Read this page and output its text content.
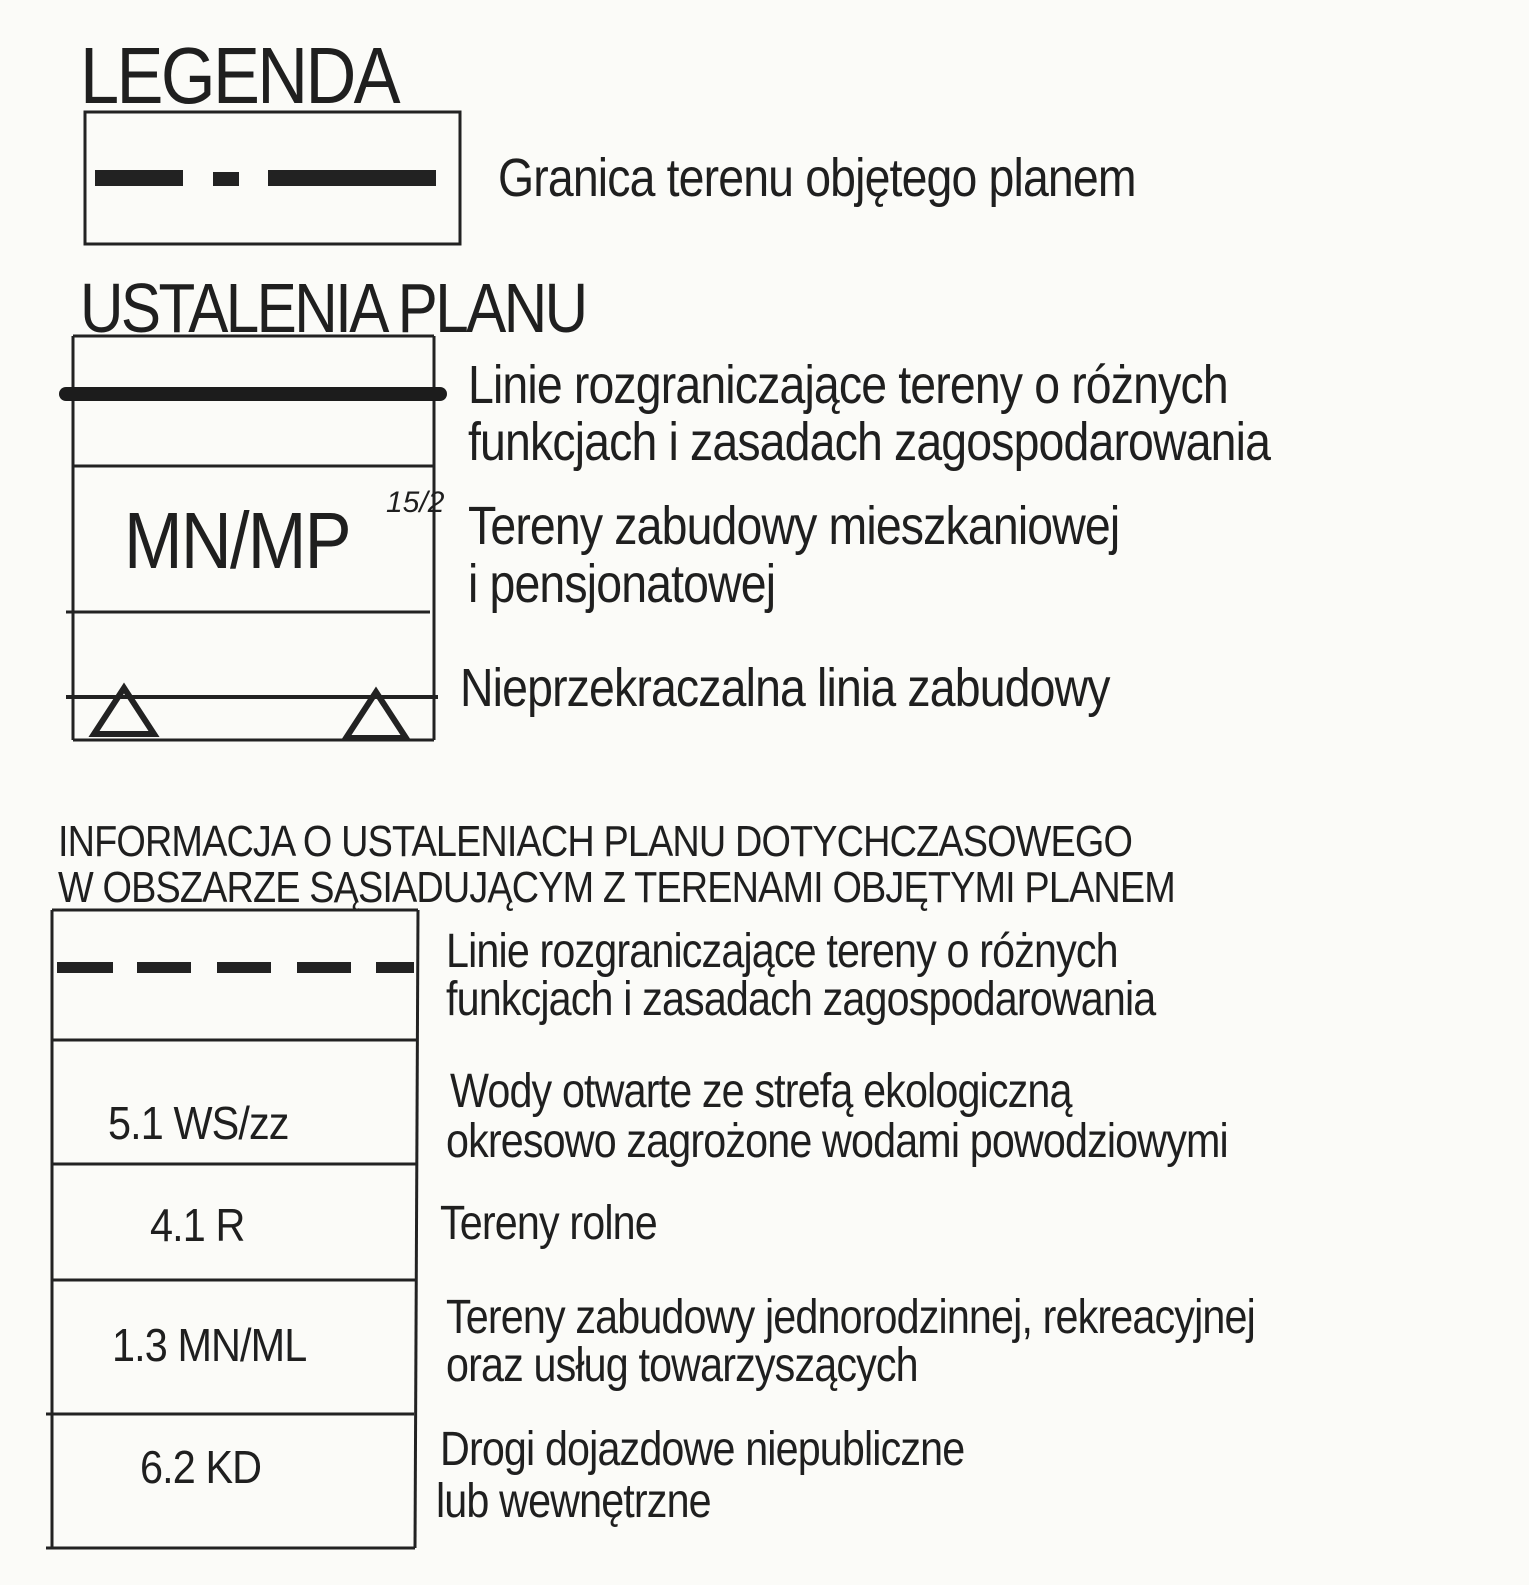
LEGENDA
USTALENIA PLANU
INFORMACJA O USTALENIACH PLANU DOTYCHCZASOWEGO
W OBSZARZE SĄSIADUJĄCYM Z TERENAMI OBJĘTYMI PLANEM
Granica terenu objętego planem
Linie rozgraniczające tereny o różnych
funkcjach i zasadach zagospodarowania
MN/MP 15/2 Tereny zabudowy mieszkaniowej
i pensjonatowej
Nieprzekraczalna linia zabudowy
Linie rozgraniczające tereny o różnych
funkcjach i zasadach zagospodarowania
5.1 WS/zz
Wody otwarte ze strefą ekologiczną
okresowo zagrożone wodami powodziowymi
4.1 R	Tereny rolne
1.3 MN/ML
Tereny zabudowy jednorodzinnej, rekreacyjnej
oraz usług towarzyszących
6.2 KD	Drogi dojazdowe niepubliczne
lub wewnętrzne
